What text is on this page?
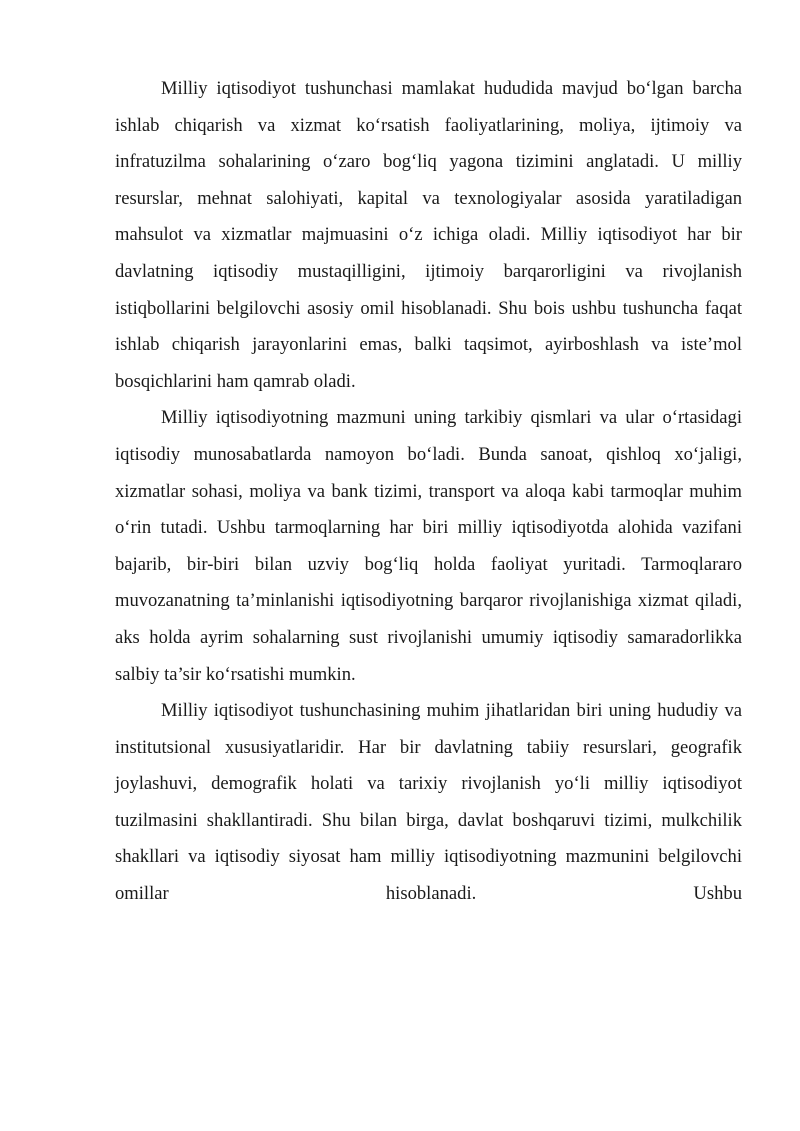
Milliy iqtisodiyot tushunchasi mamlakat hududida mavjud bo‘lgan barcha ishlab chiqarish va xizmat ko‘rsatish faoliyatlarining, moliya, ijtimoiy va infratuzilma sohalarining o‘zaro bog‘liq yagona tizimini anglatadi. U milliy resurslar, mehnat salohiyati, kapital va texnologiyalar asosida yaratiladigan mahsulot va xizmatlar majmuasini o‘z ichiga oladi. Milliy iqtisodiyot har bir davlatning iqtisodiy mustaqilligini, ijtimoiy barqarorligini va rivojlanish istiqbollarini belgilovchi asosiy omil hisoblanadi. Shu bois ushbu tushuncha faqat ishlab chiqarish jarayonlarini emas, balki taqsimot, ayirboshlash va iste’mol bosqichlarini ham qamrab oladi.

Milliy iqtisodiyotning mazmuni uning tarkibiy qismlari va ular o‘rtasidagi iqtisodiy munosabatlarda namoyon bo‘ladi. Bunda sanoat, qishloq xo‘jaligi, xizmatlar sohasi, moliya va bank tizimi, transport va aloqa kabi tarmoqlar muhim o‘rin tutadi. Ushbu tarmoqlarning har biri milliy iqtisodiyotda alohida vazifani bajarib, bir-biri bilan uzviy bog‘liq holda faoliyat yuritadi. Tarmoqlararo muvozanatning ta’minlanishi iqtisodiyotning barqaror rivojlanishiga xizmat qiladi, aks holda ayrim sohalarning sust rivojlanishi umumiy iqtisodiy samaradorlikka salbiy ta’sir ko‘rsatishi mumkin.

Milliy iqtisodiyot tushunchasining muhim jihatlaridan biri uning hududiy va institutsional xususiyatlaridir. Har bir davlatning tabiiy resurslari, geografik joylashuvi, demografik holati va tarixiy rivojlanish yo‘li milliy iqtisodiyot tuzilmasini shakllantiradi. Shu bilan birga, davlat boshqaruvi tizimi, mulkchilik shakllari va iqtisodiy siyosat ham milliy iqtisodiyotning mazmunini belgilovchi omillar hisoblanadi. Ushbu
